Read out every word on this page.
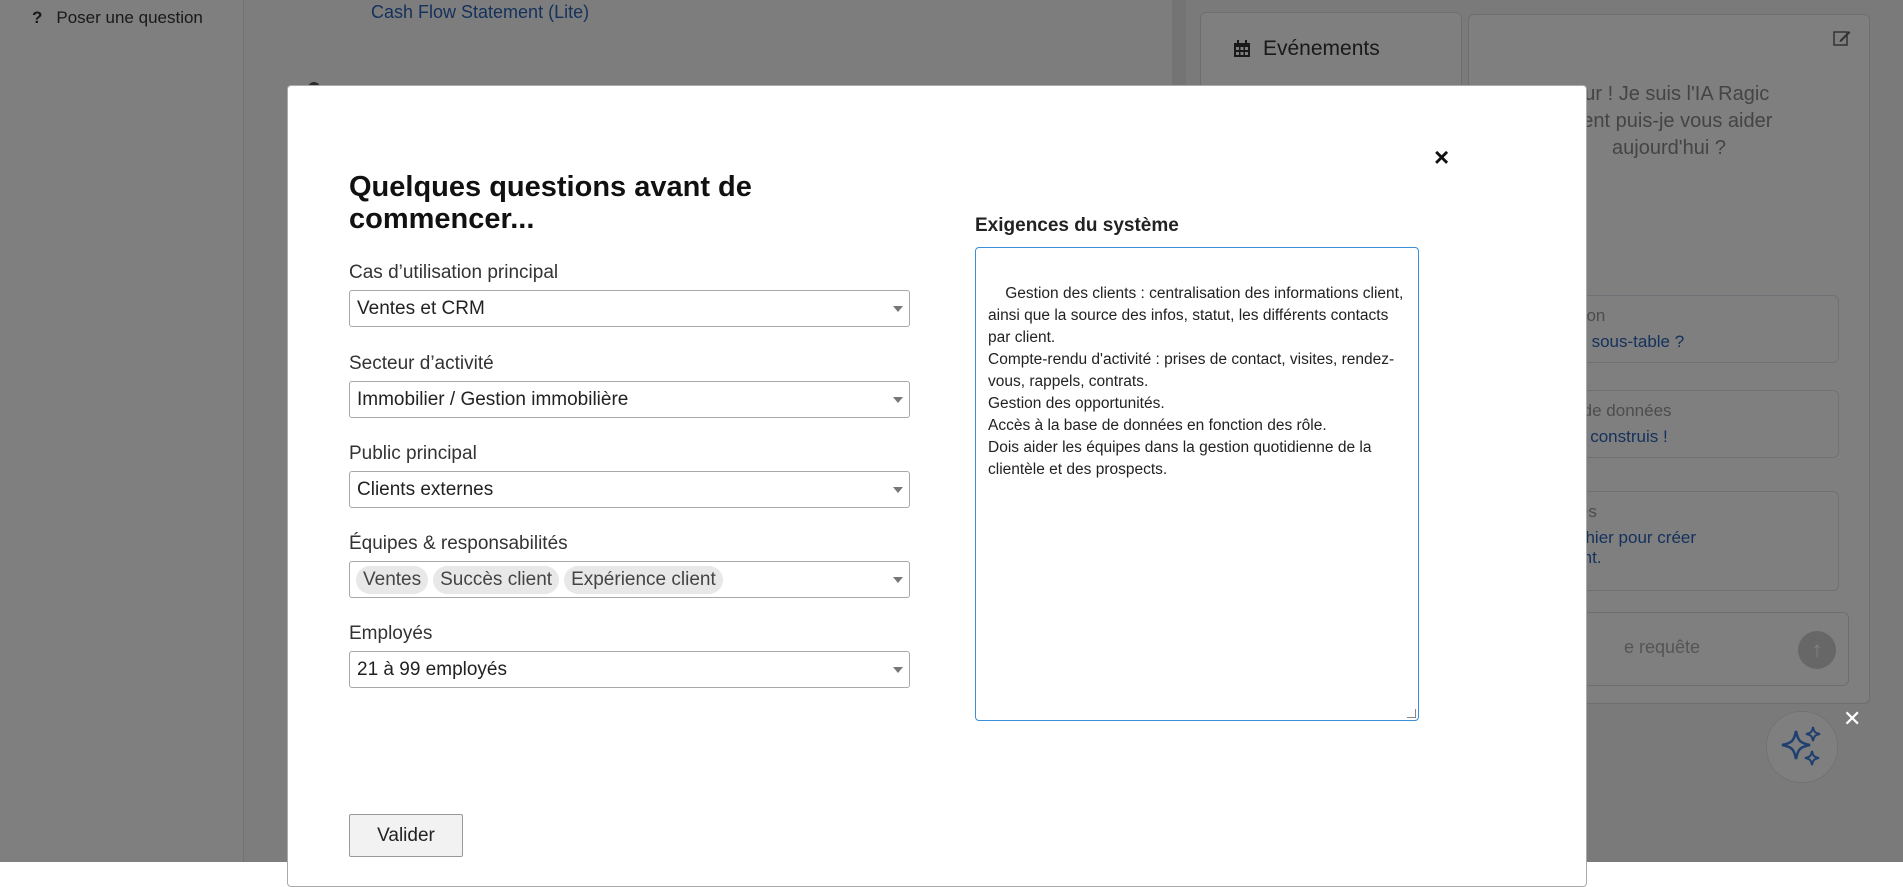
✕
×
Quelques questions avant de commencer...
Cas d’utilisation principal
Ventes et CRM
Secteur d’activité
Immobilier / Gestion immobilière
Public principal
Clients externes
Équipes & responsabilités
Ventes	Succès client	Expérience client
Employés
21 à 99 employés
Exigences du système

Gestion des clients : centralisation des informations client, ainsi que la source des infos, statut, les différents contacts par client.
Compte-rendu d'activité : prises de contact, visites, rendez-vous, rappels, contrats.
Gestion des opportunités.
Accès à la base de données en fonction des rôle.
Dois aider les équipes dans la gestion quotidienne de la clientèle et des prospects.

Valider
